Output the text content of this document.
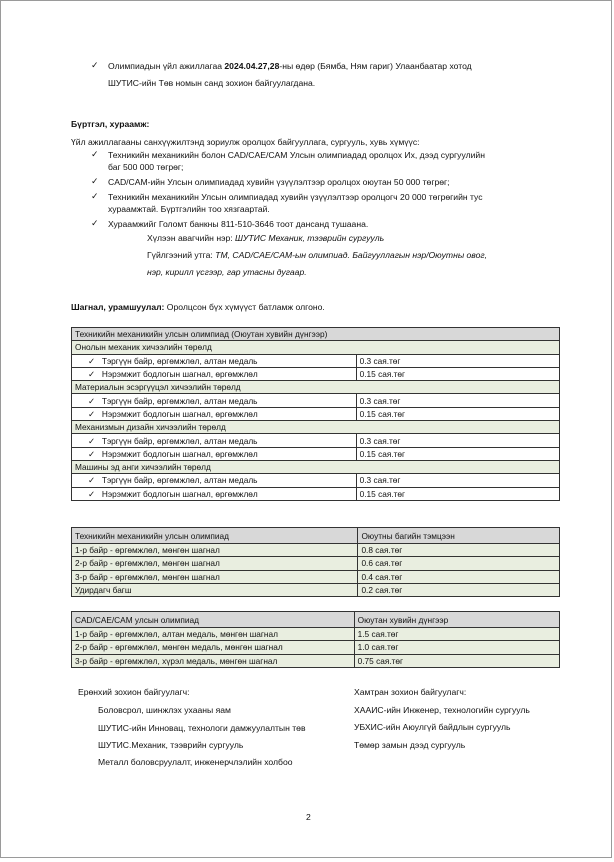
✓ Олимпиадын үйл ажиллагаа 2024.04.27,28-ны өдөр (Бямба, Ням гариг) Улаанбаатар хотод
ШУТИС-ийн Төв номын санд зохион байгуулагдана.
Бүртгэл, хураамж:
Үйл ажиллагааны санхүүжилтэнд зориулж оролцох байгууллага, сургууль, хувь хүмүүс:
✓ Техникийн механикийн болон CAD/CAE/CAM Улсын олимпиадад оролцох Их, дээд сургуулийн
баг 500 000 төгрөг;
✓ CAD/CAM-ийн Улсын олимпиадад хувийн үзүүлэлтээр оролцох оюутан 50 000 төгрөг;
✓ Техникийн механикийн Улсын олимпиадад хувийн үзүүлэлтээр оролцогч 20 000 төгрөгийн тус
хураамжтай. Бүртгэлийн тоо хязгаартай.
✓ Хураамжийг Голомт банкны 811-510-3646 тоот дансанд тушаана.
Хүлээн авагчийн нэр: ШУТИС Механик, тээврийн сургууль
Гүйлгээний утга: ТМ, CAD/CAE/CAM-ын олимпиад. Байгууллагын нэр/Оюутны овог,
нэр, кирилл үсгээр, гар утасны дугаар.
Шагнал, урамшуулал: Оролцсон бүх хүмүүст батламж олгоно.
Техникийн механикийн улсын олимпиад (Оюутан хувийн дүнгээр)	
Онолын механик хичээлийн төрөлд	
✓ Тэргүүн байр, өргөмжлөл, алтан медаль	0.3 сая.төг
✓ Нэрэмжит бодлогын шагнал, өргөмжлөл	0.15 сая.төг
Материалын эсэргүүцэл хичээлийн төрөлд	
✓ Тэргүүн байр, өргөмжлөл, алтан медаль	0.3 сая.төг
✓ Нэрэмжит бодлогын шагнал, өргөмжлөл	0.15 сая.төг
Механизмын дизайн хичээлийн төрөлд	
✓ Тэргүүн байр, өргөмжлөл, алтан медаль	0.3 сая.төг
✓ Нэрэмжит бодлогын шагнал, өргөмжлөл	0.15 сая.төг
Машины эд анги хичээлийн төрөлд	
✓ Тэргүүн байр, өргөмжлөл, алтан медаль	0.3 сая.төг
✓ Нэрэмжит бодлогын шагнал, өргөмжлөл	0.15 сая.төг
Техникийн механикийн улсын олимпиад	Оюутны багийн тэмцээн
1-р байр - өргөмжлөл, мөнгөн шагнал	0.8 сая.төг
2-р байр - өргөмжлөл, мөнгөн шагнал	0.6 сая.төг
3-р байр - өргөмжлөл, мөнгөн шагнал	0.4 сая.төг
Удирдагч багш	0.2 сая.төг
CAD/CAE/CAM улсын олимпиад	Оюутан хувийн дүнгээр
1-р байр - өргөмжлөл, алтан медаль, мөнгөн шагнал	1.5 сая.төг
2-р байр - өргөмжлөл, мөнгөн медаль, мөнгөн шагнал	1.0 сая.төг
3-р байр - өргөмжлөл, хүрэл медаль, мөнгөн шагнал	0.75 сая.төг
Ерөнхий зохион байгуулагч:
Боловсрол, шинжлэх ухааны яам
ШУТИС-ийн Инновац, технологи дамжуулалтын төв
ШУТИС.Механик, тээврийн сургууль
Металл боловсруулалт, инженерчлэлийн холбоо
Хамтран зохион байгуулагч:
ХААИС-ийн Инженер, технологийн сургууль
УБХИС-ийн Аюулгүй байдлын сургууль
Төмөр замын дээд сургууль
2
